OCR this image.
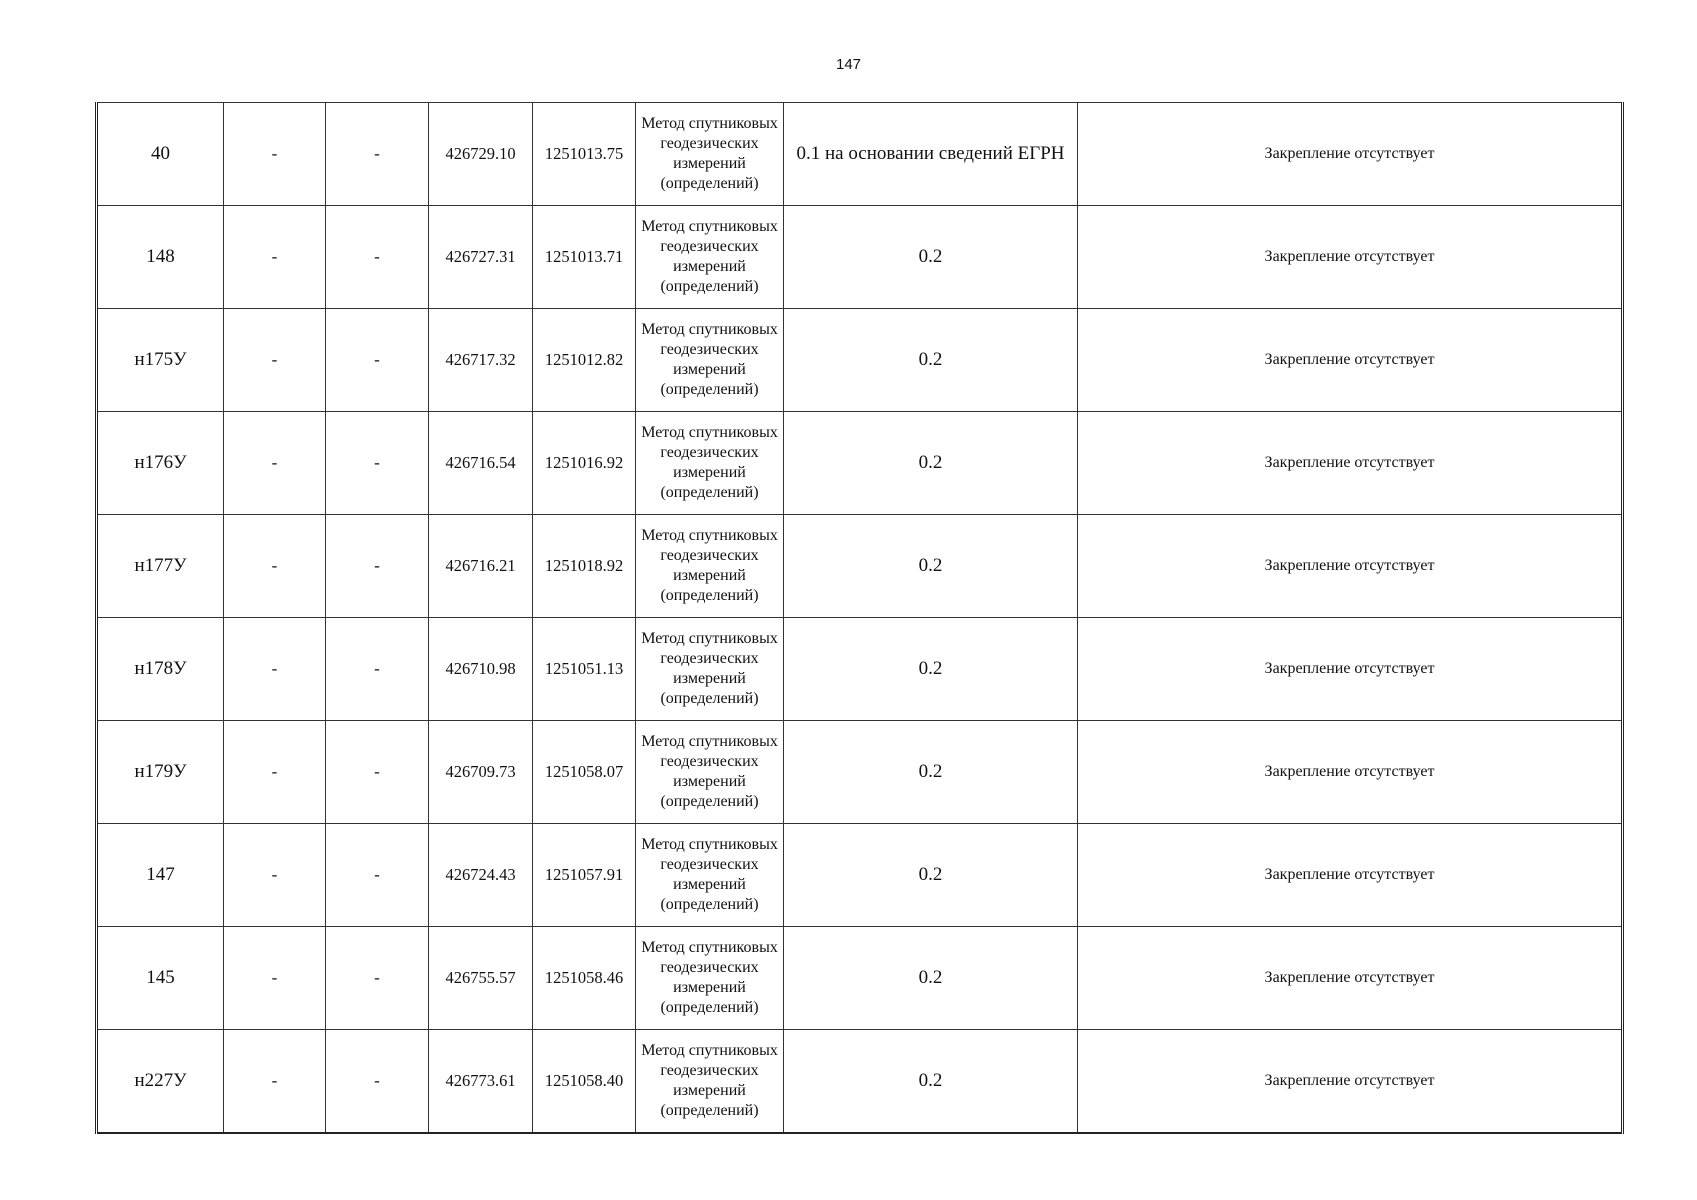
147
40	-	-	426729.10	1251013.75	Метод спутниковых геодезических измерений (определений)	0.1 на основании сведений ЕГРН	Закрепление отсутствует
148	-	-	426727.31	1251013.71	Метод спутниковых геодезических измерений (определений)	0.2	Закрепление отсутствует
н175У	-	-	426717.32	1251012.82	Метод спутниковых геодезических измерений (определений)	0.2	Закрепление отсутствует
н176У	-	-	426716.54	1251016.92	Метод спутниковых геодезических измерений (определений)	0.2	Закрепление отсутствует
н177У	-	-	426716.21	1251018.92	Метод спутниковых геодезических измерений (определений)	0.2	Закрепление отсутствует
н178У	-	-	426710.98	1251051.13	Метод спутниковых геодезических измерений (определений)	0.2	Закрепление отсутствует
н179У	-	-	426709.73	1251058.07	Метод спутниковых геодезических измерений (определений)	0.2	Закрепление отсутствует
147	-	-	426724.43	1251057.91	Метод спутниковых геодезических измерений (определений)	0.2	Закрепление отсутствует
145	-	-	426755.57	1251058.46	Метод спутниковых геодезических измерений (определений)	0.2	Закрепление отсутствует
н227У	-	-	426773.61	1251058.40	Метод спутниковых геодезических измерений (определений)	0.2	Закрепление отсутствует
